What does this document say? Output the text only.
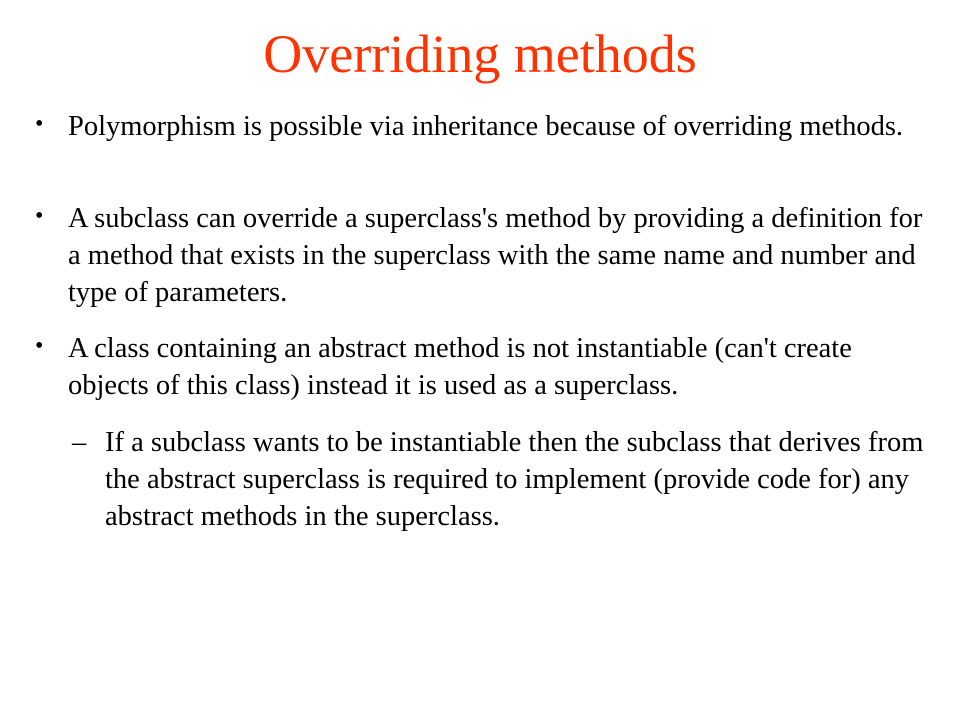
Overriding methods
• Polymorphism is possible via inheritance because of overriding methods.
• A subclass can override a superclass's method by providing a definition for a method that exists in the superclass with the same name and number and type of parameters.
• A class containing an abstract method is not instantiable (can't create objects of this class) instead it is used as a superclass.
– If a subclass wants to be instantiable then the subclass that derives from the abstract superclass is required to implement (provide code for) any abstract methods in the superclass.
